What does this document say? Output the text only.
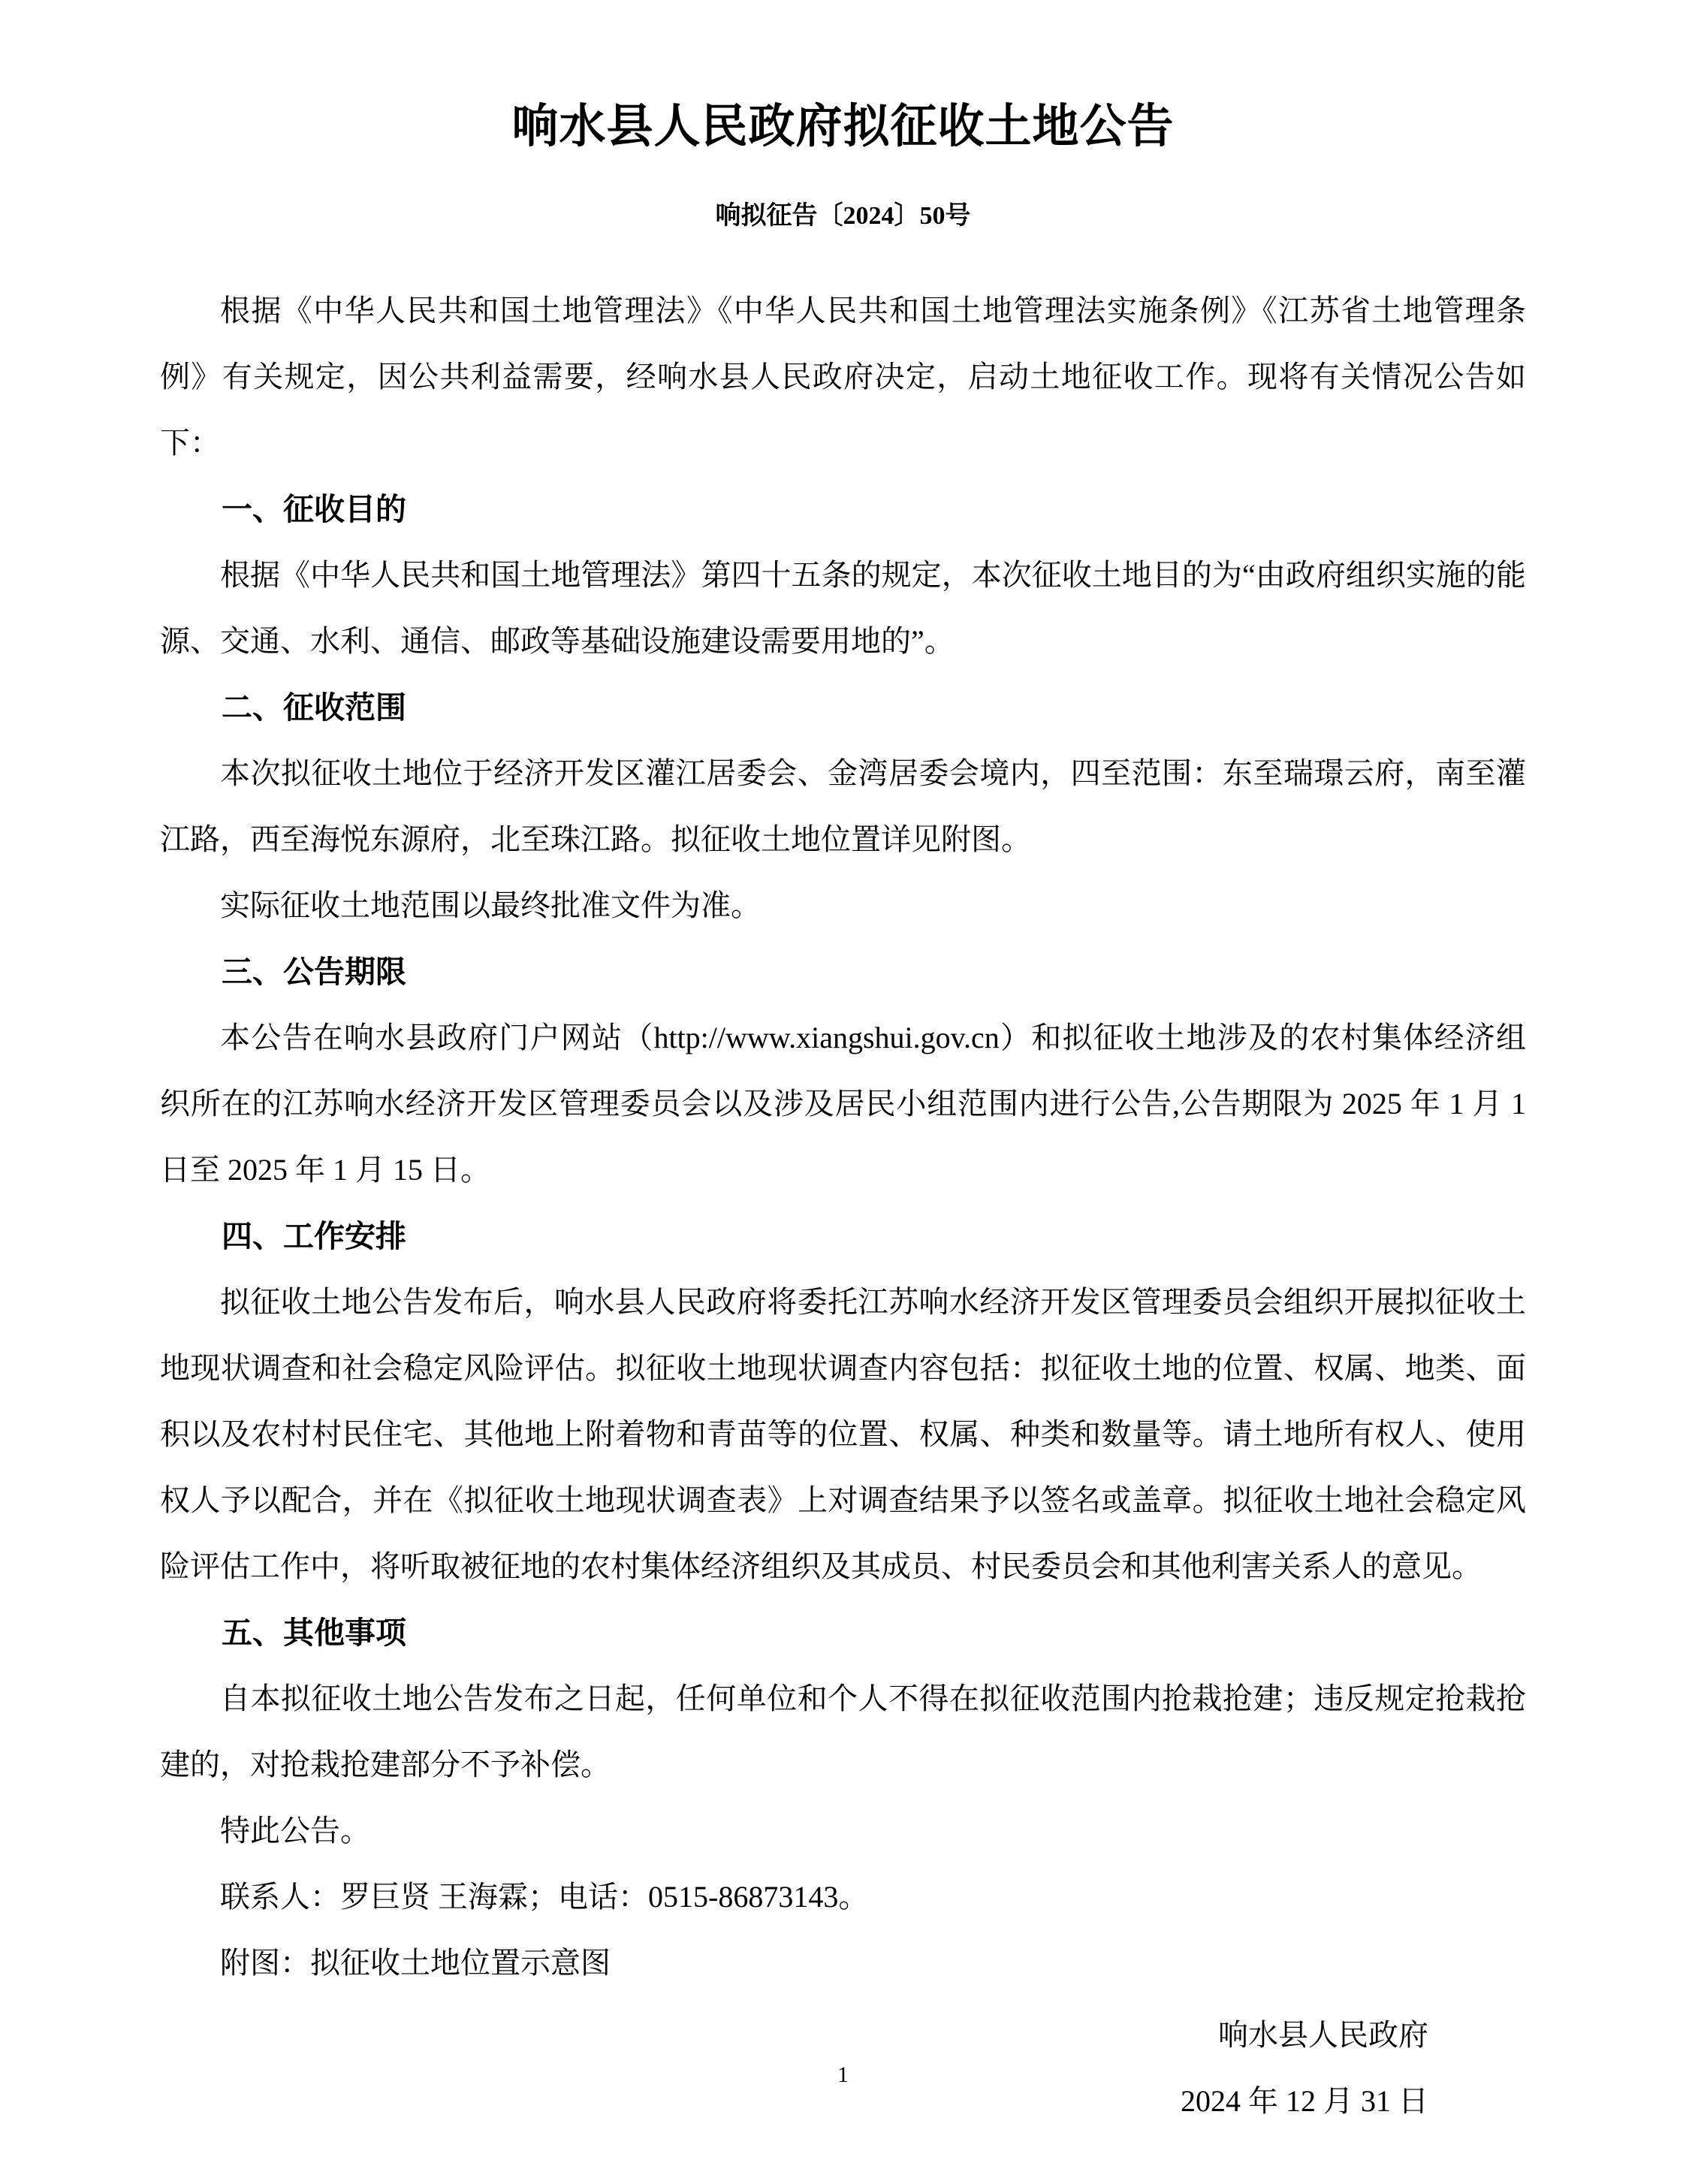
响水县人民政府拟征收土地公告
响拟征告〔2024〕50号

根据《中华人民共和国土地管理法》《中华人民共和国土地管理法实施条例》《江苏省土地管理条例》有关规定，因公共利益需要，经响水县人民政府决定，启动土地征收工作。现将有关情况公告如下：

一、征收目的

根据《中华人民共和国土地管理法》第四十五条的规定，本次征收土地目的为“由政府组织实施的能源、交通、水利、通信、邮政等基础设施建设需要用地的”。

二、征收范围

本次拟征收土地位于经济开发区灌江居委会、金湾居委会境内，四至范围：东至瑞璟云府，南至灌江路，西至海悦东源府，北至珠江路。拟征收土地位置详见附图。

实际征收土地范围以最终批准文件为准。

三、公告期限

本公告在响水县政府门户网站（http://www.xiangshui.gov.cn）和拟征收土地涉及的农村集体经济组织所在的江苏响水经济开发区管理委员会以及涉及居民小组范围内进行公告,公告期限为 2025 年 1 月 1 日至 2025 年 1 月 15 日。

四、工作安排

拟征收土地公告发布后，响水县人民政府将委托江苏响水经济开发区管理委员会组织开展拟征收土地现状调查和社会稳定风险评估。拟征收土地现状调查内容包括：拟征收土地的位置、权属、地类、面积以及农村村民住宅、其他地上附着物和青苗等的位置、权属、种类和数量等。请土地所有权人、使用权人予以配合，并在《拟征收土地现状调查表》上对调查结果予以签名或盖章。拟征收土地社会稳定风险评估工作中，将听取被征地的农村集体经济组织及其成员、村民委员会和其他利害关系人的意见。

五、其他事项

自本拟征收土地公告发布之日起，任何单位和个人不得在拟征收范围内抢栽抢建；违反规定抢栽抢建的，对抢栽抢建部分不予补偿。

特此公告。

联系人：罗巨贤 王海霖；电话：0515-86873143。

附图：拟征收土地位置示意图

响水县人民政府
2024 年 12 月 31 日
1
